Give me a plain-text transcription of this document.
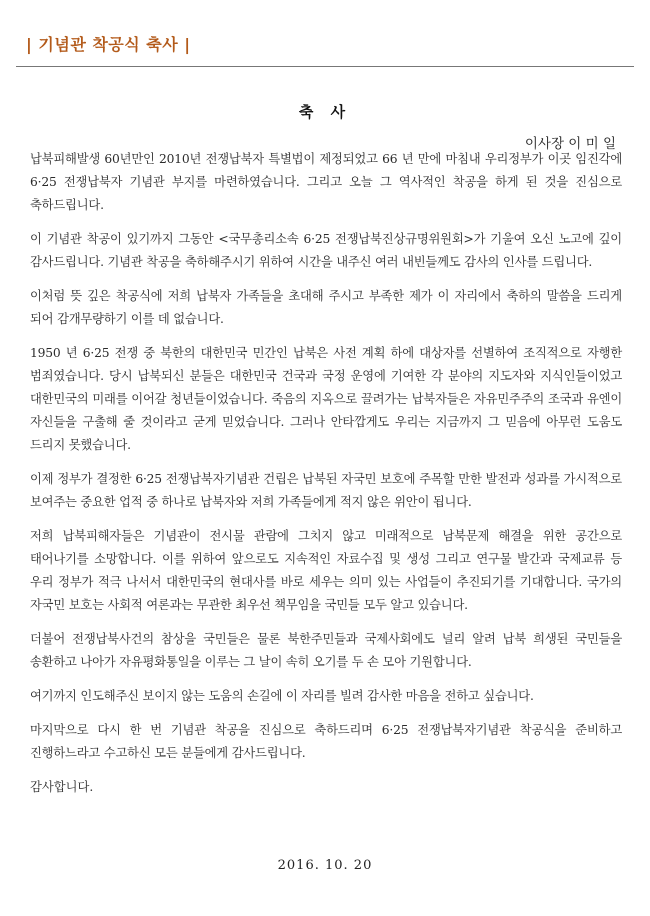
| 기념관 착공식 축사 |
축 사
이사장 이 미 일

납북피해발생 60년만인 2010년 전쟁납북자 특별법이 제정되었고 66 년 만에 마침내 우리정부가 이곳 임진각에 6·25 전쟁납북자 기념관 부지를 마련하였습니다. 그리고 오늘 그 역사적인 착공을 하게 된 것을 진심으로 축하드립니다.

이 기념관 착공이 있기까지 그동안 <국무총리소속 6·25 전쟁납북진상규명위원회>가 기울여 오신 노고에 깊이 감사드립니다. 기념관 착공을 축하해주시기 위하여 시간을 내주신 여러 내빈들께도 감사의 인사를 드립니다.

이처럼 뜻 깊은 착공식에 저희 납북자 가족들을 초대해 주시고 부족한 제가 이 자리에서 축하의 말씀을 드리게 되어 감개무량하기 이를 데 없습니다.

1950 년 6·25 전쟁 중 북한의 대한민국 민간인 납북은 사전 계획 하에 대상자를 선별하여 조직적으로 자행한 범죄였습니다. 당시 납북되신 분들은 대한민국 건국과 국정 운영에 기여한 각 분야의 지도자와 지식인들이었고 대한민국의 미래를 이어갈 청년들이었습니다. 죽음의 지옥으로 끌려가는 납북자들은 자유민주주의 조국과 유엔이 자신들을 구출해 줄 것이라고 굳게 믿었습니다. 그러나 안타깝게도 우리는 지금까지 그 믿음에 아무런 도움도 드리지 못했습니다.

이제 정부가 결정한 6·25 전쟁납북자기념관 건립은 납북된 자국민 보호에 주목할 만한 발전과 성과를 가시적으로 보여주는 중요한 업적 중 하나로 납북자와 저희 가족들에게 적지 않은 위안이 됩니다.

저희 납북피해자들은 기념관이 전시물 관람에 그치지 않고 미래적으로 남북문제 해결을 위한 공간으로 태어나기를 소망합니다. 이를 위하여 앞으로도 지속적인 자료수집 및 생성 그리고 연구물 발간과 국제교류 등 우리 정부가 적극 나서서 대한민국의 현대사를 바로 세우는 의미 있는 사업들이 추진되기를 기대합니다. 국가의 자국민 보호는 사회적 여론과는 무관한 최우선 책무임을 국민들 모두 알고 있습니다.

더불어 전쟁납북사건의 참상을 국민들은 물론 북한주민들과 국제사회에도 널리 알려 납북 희생된 국민들을 송환하고 나아가 자유평화통일을 이루는 그 날이 속히 오기를 두 손 모아 기원합니다.

여기까지 인도해주신 보이지 않는 도움의 손길에 이 자리를 빌려 감사한 마음을 전하고 싶습니다.

마지막으로 다시 한 번 기념관 착공을 진심으로 축하드리며 6·25 전쟁납북자기념관 착공식을 준비하고 진행하느라고 수고하신 모든 분들에게 감사드립니다.

감사합니다.
2016. 10. 20
